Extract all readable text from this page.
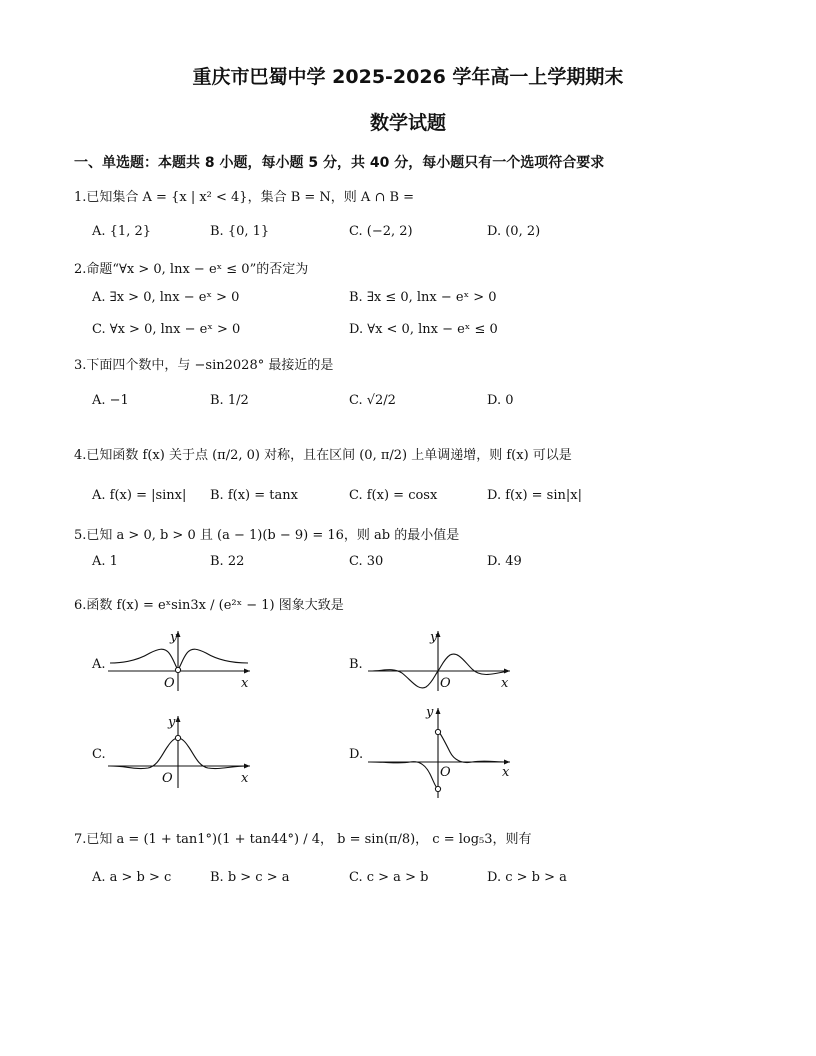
重庆市巴蜀中学 2025-2026 学年高一上学期期末
数学试题
一、单选题：本题共 8 小题，每小题 5 分，共 40 分，每小题只有一个选项符合要求
1.已知集合 A = {x | x² < 4}，集合 B = N，则 A ∩ B =
A. {1, 2}	B. {0, 1}	C. (−2, 2)	D. (0, 2)
2.命题“∀x > 0, lnx − eˣ ≤ 0”的否定为
A. ∃x > 0, lnx − eˣ > 0	B. ∃x ≤ 0, lnx − eˣ > 0
C. ∀x > 0, lnx − eˣ > 0	D. ∀x < 0, lnx − eˣ ≤ 0
3.下面四个数中，与 −sin2028° 最接近的是
A. −1	B. 1/2	C. √2/2	D. 0
4.已知函数 f(x) 关于点 (π/2, 0) 对称，且在区间 (0, π/2) 上单调递增，则 f(x) 可以是
A. f(x) = |sinx| B. f(x) = tanx	C. f(x) = cosx	D. f(x) = sin|x|
5.已知 a > 0, b > 0 且 (a − 1)(b − 9) = 16，则 ab 的最小值是
A. 1	B. 22	C. 30	D. 49
6.函数 f(x) = eˣsin3x / (e²ˣ − 1) 图象大致是
A.
y
x
O
B.
y
x
O
C.
y
x
O
D.
y
x
O
7.已知 a = (1 + tan1°)(1 + tan44°) / 4， b = sin(π/8)， c = log₅3，则有
A. a > b > c	B. b > c > a	C. c > a > b	D. c > b > a
